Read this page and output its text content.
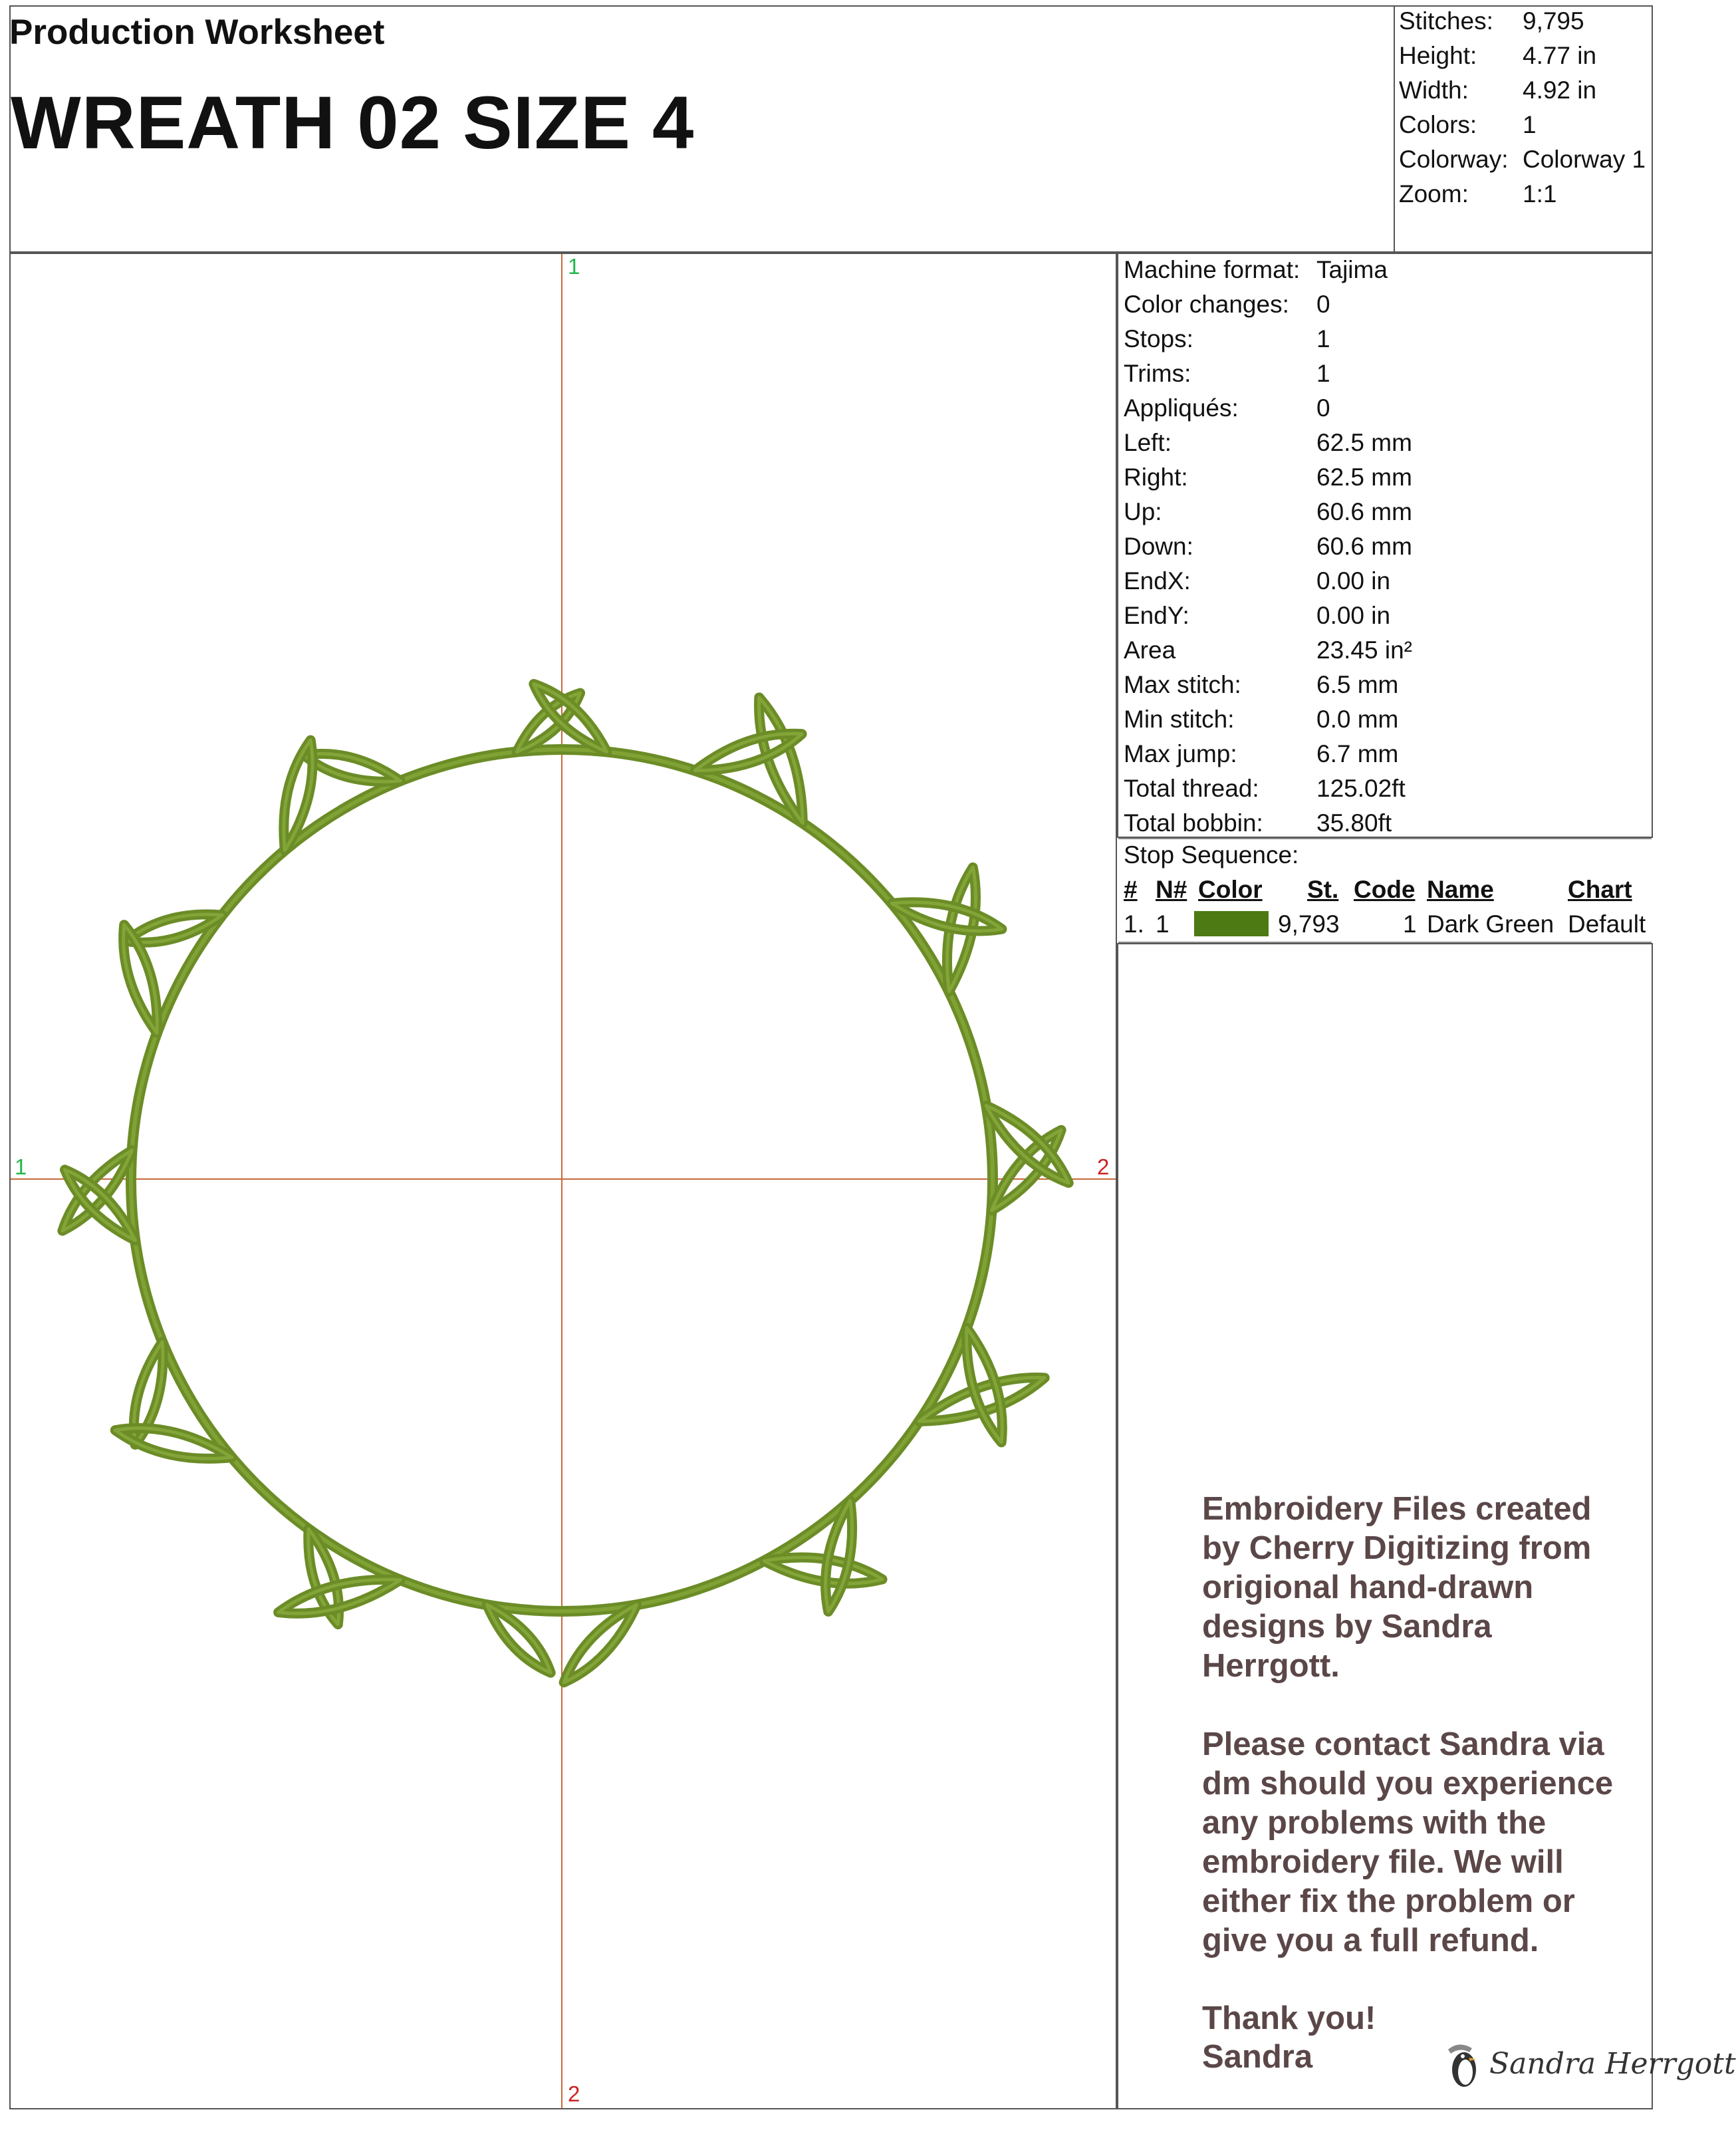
Production Worksheet
WREATH 02 SIZE 4
Stitches: 9,795
Height: 4.77 in
Width: 4.92 in
Colors: 1
Colorway: Colorway 1
Zoom: 1:1
1
2
1	2
Machine format: Tajima
Color changes: 0
Stops:	1
Trims:	1
Appliqués:	0
Left:	62.5 mm
Right:	62.5 mm
Up:	60.6 mm
Down:	60.6 mm
EndX:	0.00 in
EndY:	0.00 in
Area	23.45 in²
Max stitch:	6.5 mm
Min stitch:	0.0 mm
Max jump:	6.7 mm
Total thread: 125.02ft
Total bobbin: 35.80ft
Stop Sequence:
# N# Color St. Code Name	Chart
1. 1	9,793	1 Dark Green Default
Embroidery Files created by Cherry Digitizing from origional hand-drawn designs by Sandra Herrgott.
Please contact Sandra via dm should you experience any problems with the embroidery file. We will either fix the problem or give you a full refund.
Thank you!
Sandra	Sandra Herrgott
